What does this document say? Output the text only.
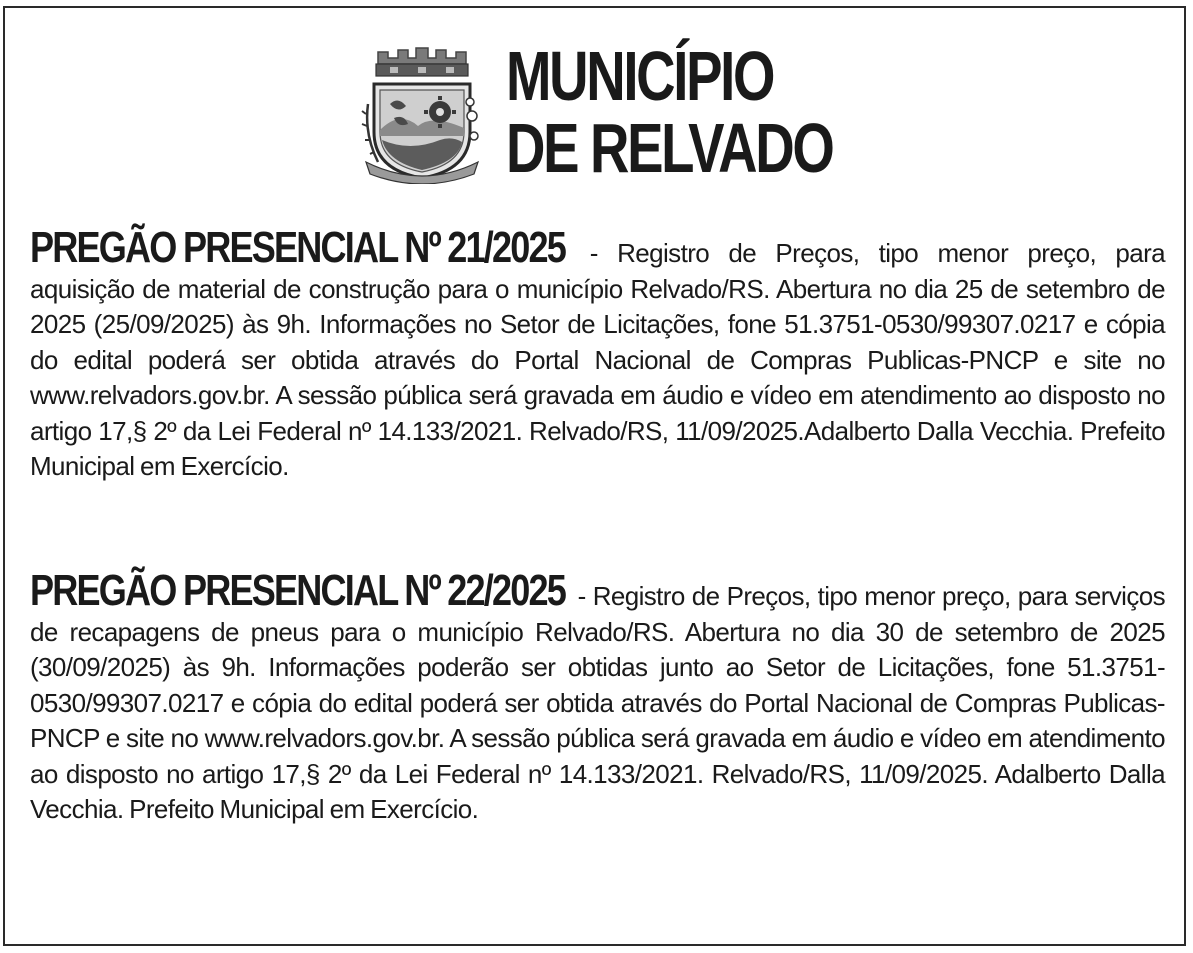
MUNICÍPIO
DE RELVADO

PREGÃO PRESENCIAL Nº 21/2025 - Registro de Preços, tipo menor preço, para aquisição de material de construção para o município Relvado/RS. Abertura no dia 25 de setembro de 2025 (25/09/2025) às 9h. Informações no Setor de Licitações, fone 51.3751-0530/99307.0217 e cópia do edital poderá ser obtida através do Portal Nacional de Compras Publicas-PNCP e site no www.relvadors.gov.br. A sessão pública será gravada em áudio e vídeo em atendimento ao disposto no artigo 17,§ 2º da Lei Federal nº 14.133/2021. Relvado/RS, 11/09/2025.Adalberto Dalla Vecchia. Prefeito Municipal em Exercício.

PREGÃO PRESENCIAL Nº 22/2025 - Registro de Preços, tipo menor preço, para serviços de recapagens de pneus para o município Relvado/RS. Abertura no dia 30 de setembro de 2025 (30/09/2025) às 9h. Informações poderão ser obtidas junto ao Setor de Licitações, fone 51.3751-0530/99307.0217 e cópia do edital poderá ser obtida através do Portal Nacional de Compras Publicas-PNCP e site no www.relvadors.gov.br. A sessão pública será gravada em áudio e vídeo em atendimento ao disposto no artigo 17,§ 2º da Lei Federal nº 14.133/2021. Relvado/RS, 11/09/2025. Adalberto Dalla Vecchia. Prefeito Municipal em Exercício.
